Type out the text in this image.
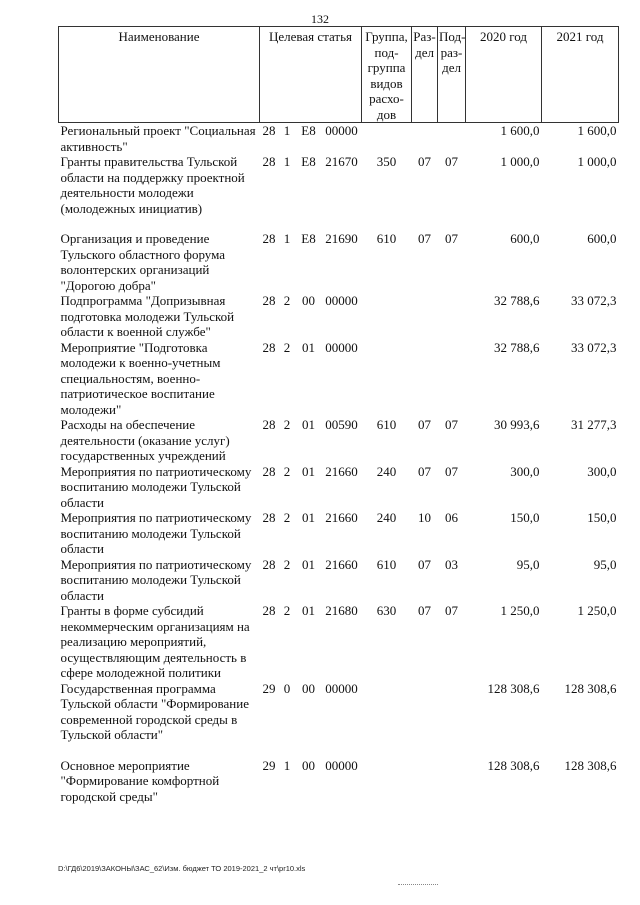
132
Наименование	Целевая статья				Группа, под-группа видов расхо-дов	Раз-дел	Под-раз-дел	2020 год	2021 год
Региональный проект "Социальная активность"	28	1	Е8	00000				1 600,0	1 600,0
Гранты правительства Тульской области на поддержку проектной деятельности молодежи (молодежных инициатив)	28	1	Е8	21670	350	07	07	1 000,0	1 000,0

Организация и проведение Тульского областного форума волонтерских организаций "Дорогою добра"	28	1	Е8	21690	610	07	07	600,0	600,0
Подпрограмма "Допризывная подготовка молодежи Тульской области к военной службе"	28	2	00	00000				32 788,6	33 072,3
Мероприятие "Подготовка молодежи к военно-учетным специальностям, военно-патриотическое воспитание молодежи"	28	2	01	00000				32 788,6	33 072,3
Расходы на обеспечение деятельности (оказание услуг) государственных учреждений	28	2	01	00590	610	07	07	30 993,6	31 277,3
Мероприятия по патриотическому воспитанию молодежи Тульской области	28	2	01	21660	240	07	07	300,0	300,0
Мероприятия по патриотическому воспитанию молодежи Тульской области	28	2	01	21660	240	10	06	150,0	150,0
Мероприятия по патриотическому воспитанию молодежи Тульской области	28	2	01	21660	610	07	03	95,0	95,0
Гранты в форме субсидий некоммерческим организациям на реализацию мероприятий, осуществляющим деятельность в сфере молодежной политики	28	2	01	21680	630	07	07	1 250,0	1 250,0
Государственная программа Тульской области "Формирование современной городской среды в Тульской области"	29	0	00	00000				128 308,6	128 308,6

Основное мероприятие "Формирование комфортной городской среды"	29	1	00	00000				128 308,6	128 308,6
D:\ГД6\2019\ЗАКОНЫ\ЗАС_62\Изм. бюджет ТО 2019-2021_2 чт\pr10.xls
